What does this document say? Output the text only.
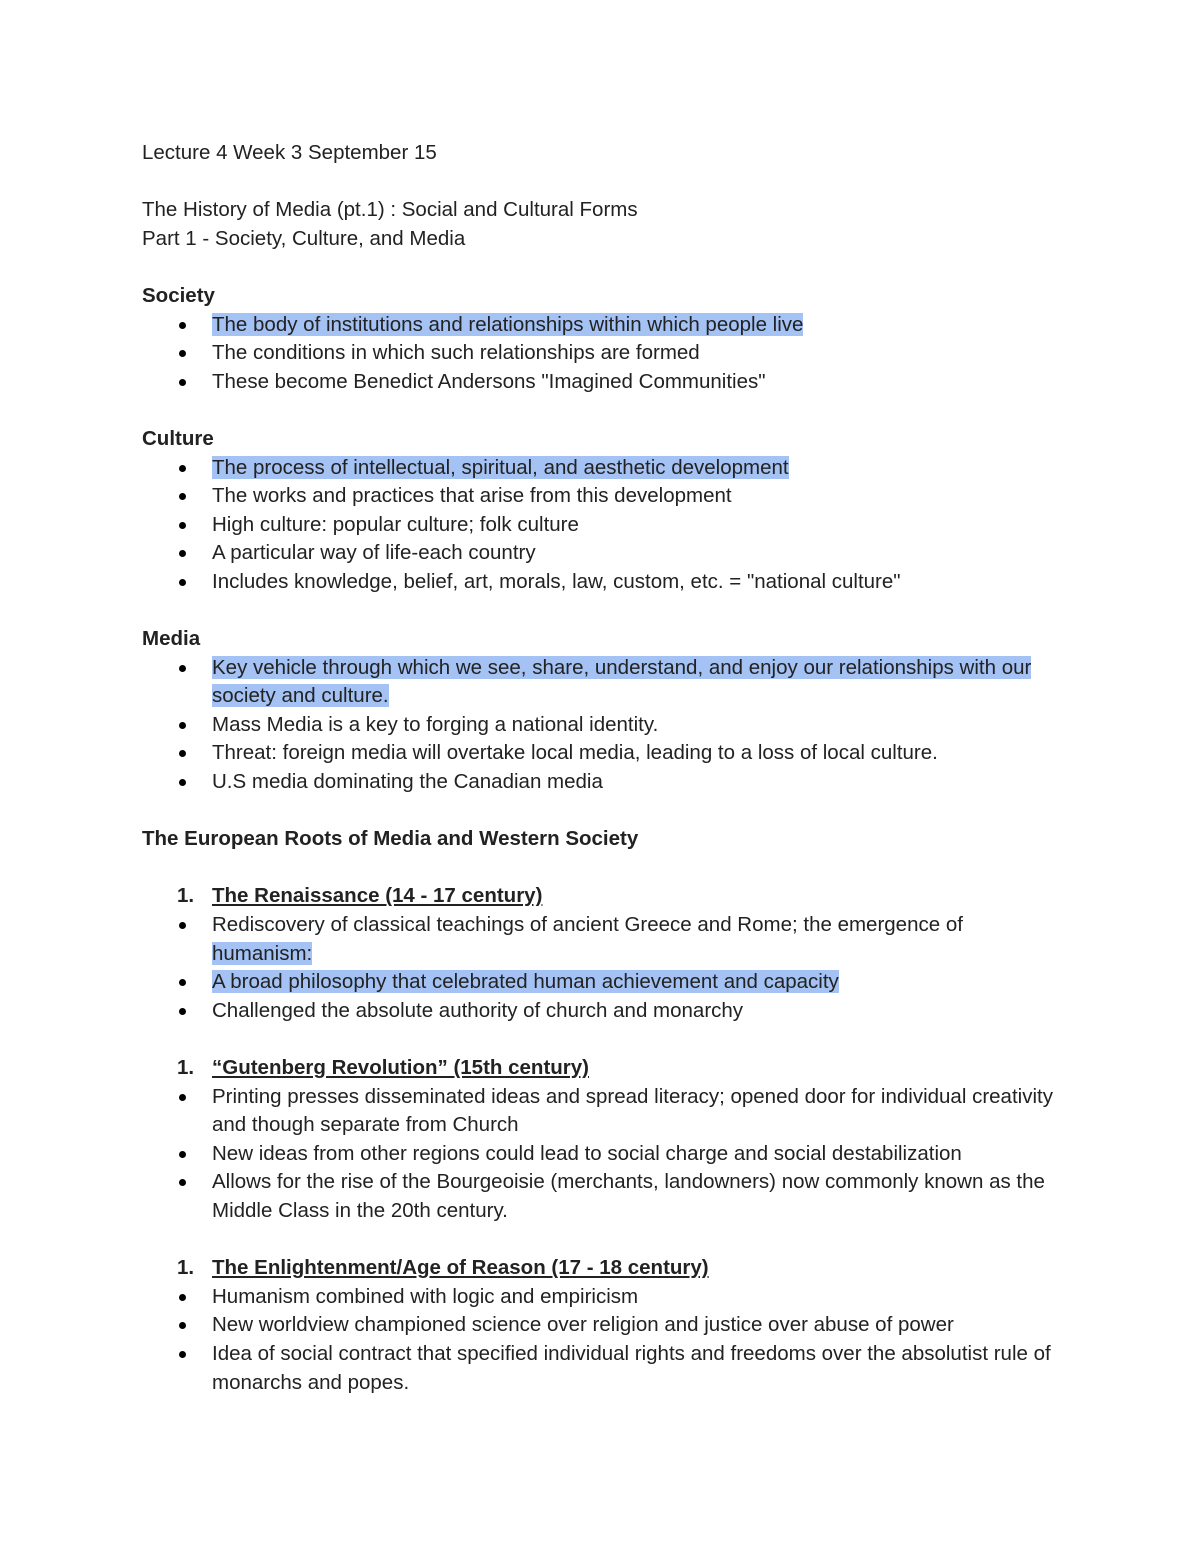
Lecture 4 Week 3 September 15
The History of Media (pt.1) : Social and Cultural Forms
Part 1 - Society, Culture, and Media
Society
The body of institutions and relationships within which people live
The conditions in which such relationships are formed
These become Benedict Andersons "Imagined Communities"
Culture
The process of intellectual, spiritual, and aesthetic development
The works and practices that arise from this development
High culture: popular culture; folk culture
A particular way of life-each country
Includes knowledge, belief, art, morals, law, custom, etc. = "national culture"
Media
Key vehicle through which we see, share, understand, and enjoy our relationships with our society and culture.
Mass Media is a key to forging a national identity.
Threat: foreign media will overtake local media, leading to a loss of local culture.
U.S media dominating the Canadian media
The European Roots of Media and Western Society
1. The Renaissance (14 - 17 century)
Rediscovery of classical teachings of ancient Greece and Rome; the emergence of humanism:
A broad philosophy that celebrated human achievement and capacity
Challenged the absolute authority of church and monarchy
1. “Gutenberg Revolution” (15th century)
Printing presses disseminated ideas and spread literacy; opened door for individual creativity and though separate from Church
New ideas from other regions could lead to social charge and social destabilization
Allows for the rise of the Bourgeoisie (merchants, landowners) now commonly known as the Middle Class in the 20th century.
1. The Enlightenment/Age of Reason (17 - 18 century)
Humanism combined with logic and empiricism
New worldview championed science over religion and justice over abuse of power
Idea of social contract that specified individual rights and freedoms over the absolutist rule of monarchs and popes.
